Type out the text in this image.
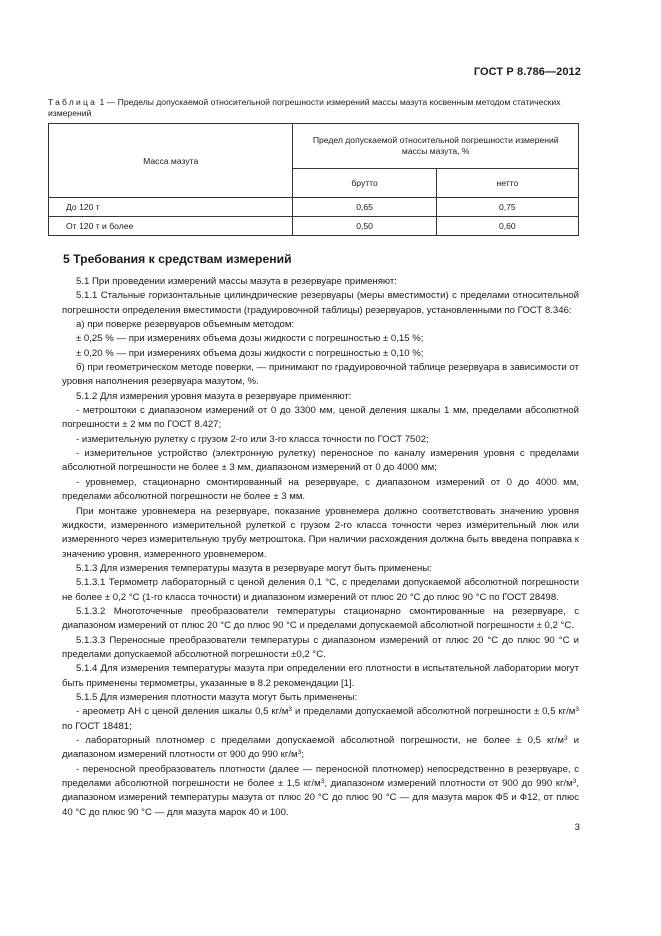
ГОСТ Р 8.786—2012
Таблица 1 — Пределы допускаемой относительной погрешности измерений массы мазута косвенным методом статических измерений
Масса мазута	Предел допускаемой относительной погрешности измерений массы мазута, %	
	брутто	нетто
До 120 т	0,65	0,75
От 120 т и более	0,50	0,60
5 Требования к средствам измерений

5.1 При проведении измерений массы мазута в резервуаре применяют:

5.1.1 Стальные горизонтальные цилиндрические резервуары (меры вместимости) с пределами относительной погрешности определения вместимости (градуировочной таблицы) резервуаров, установленными по ГОСТ 8.346:

а) при поверке резервуаров объемным методом:

± 0,25 % — при измерениях объема дозы жидкости с погрешностью ± 0,15 %;

± 0,20 % — при измерениях объема дозы жидкости с погрешностью ± 0,10 %;

б) при геометрическом методе поверки, — принимают по градуировочной таблице резервуара в зависимости от уровня наполнения резервуара мазутом, %.

5.1.2 Для измерения уровня мазута в резервуаре применяют:

- метроштоки с диапазоном измерений от 0 до 3300 мм, ценой деления шкалы 1 мм, пределами абсолютной погрешности ± 2 мм по ГОСТ 8.427;

- измерительную рулетку с грузом 2-го или 3-го класса точности по ГОСТ 7502;

- измерительное устройство (электронную рулетку) переносное по каналу измерения уровня с пределами абсолютной погрешности не более ± 3 мм, диапазоном измерений от 0 до 4000 мм;

- уровнемер, стационарно смонтированный на резервуаре, с диапазоном измерений от 0 до 4000 мм, пределами абсолютной погрешности не более ± 3 мм.

При монтаже уровнемера на резервуаре, показание уровнемера должно соответствовать значению уровня жидкости, измеренного измерительной рулеткой с грузом 2-го класса точности через измерительный люк или измеренного через измерительную трубу метроштока. При наличии расхождения должна быть введена поправка к значению уровня, измеренного уровнемером.

5.1.3 Для измерения температуры мазута в резервуаре могут быть применены:

5.1.3.1 Термометр лабораторный с ценой деления 0,1 °С, с пределами допускаемой абсолютной погрешности не более ± 0,2 °С (1-го класса точности) и диапазоном измерений от плюс 20 °С до плюс 90 °С по ГОСТ 28498.

5.1.3.2 Многоточечные преобразователи температуры стационарно смонтированные на резервуаре, с диапазоном измерений от плюс 20 °С до плюс 90 °С и пределами допускаемой абсолютной погрешности ± 0,2 °С.

5.1.3.3 Переносные преобразователи температуры с диапазоном измерений от плюс 20 °С до плюс 90 °С и пределами допускаемой абсолютной погрешности ±0,2 °С.

5.1.4 Для измерения температуры мазута при определении его плотности в испытательной лаборатории могут быть применены термометры, указанные в 8.2 рекомендации [1].

5.1.5 Для измерения плотности мазута могут быть применены:

- ареометр АН с ценой деления шкалы 0,5 $кг/м^3$ и пределами допускаемой абсолютной погрешности ± 0,5 $кг/м^3$ по ГОСТ 18481;

- лабораторный плотномер с пределами допускаемой абсолютной погрешности, не более ± 0,5 $кг/м^3$ и диапазоном измерений плотности от 900 до 990 $кг/м^3$;

- переносной преобразователь плотности (далее — переносной плотномер) непосредственно в резервуаре, с пределами абсолютной погрешности не более ± 1,5 $кг/м^3$, диапазоном измерений плотности от 900 до 990 $кг/м^3$, диапазоном измерений температуры мазута от плюс 20 °С до плюс 90 °С — для мазута марок Ф5 и Ф12, от плюс 40 °С до плюс 90 °С — для мазута марок 40 и 100.

3
